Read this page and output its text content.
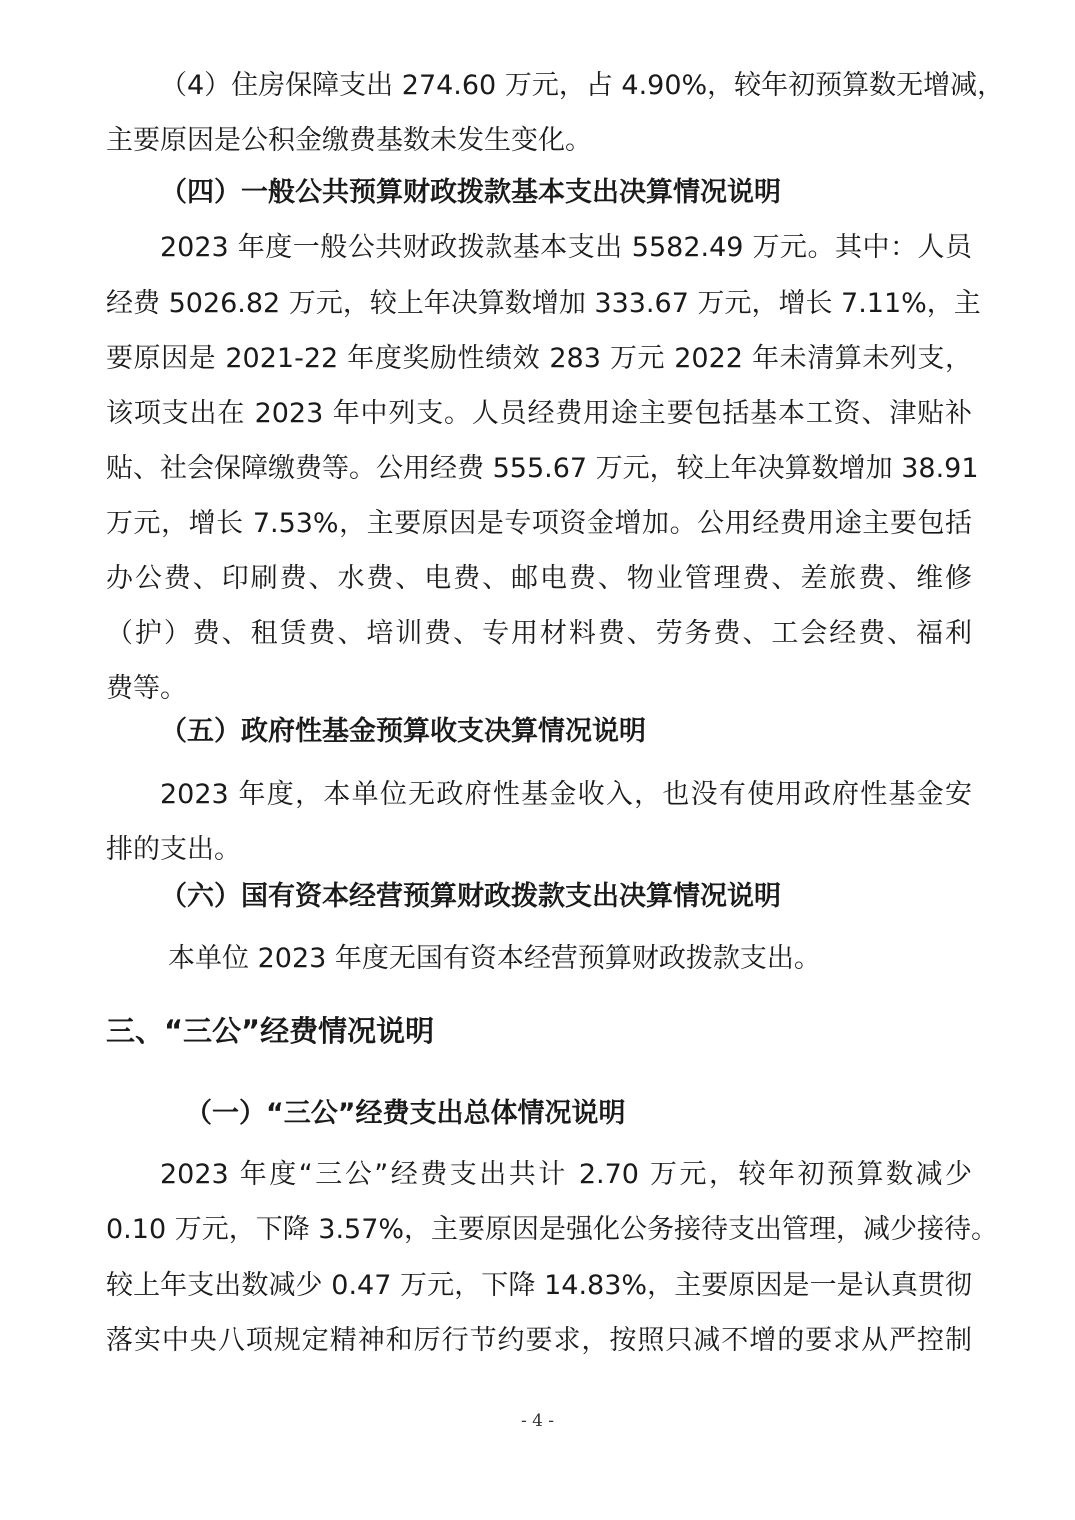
（4）住房保障支出 274.60 万元，占 4.90%，较年初预算数无增减，
主要原因是公积金缴费基数未发生变化。
（四）一般公共预算财政拨款基本支出决算情况说明
2023 年度一般公共财政拨款基本支出 5582.49 万元。其中：人员
经费 5026.82 万元，较上年决算数增加 333.67 万元，增长 7.11%，主
要原因是 2021-22 年度奖励性绩效 283 万元 2022 年未清算未列支，
该项支出在 2023 年中列支。人员经费用途主要包括基本工资、津贴补
贴、社会保障缴费等。公用经费 555.67 万元，较上年决算数增加 38.91
万元，增长 7.53%，主要原因是专项资金增加。公用经费用途主要包括
办公费、印刷费、水费、电费、邮电费、物业管理费、差旅费、维修
（护）费、租赁费、培训费、专用材料费、劳务费、工会经费、福利
费等。
（五）政府性基金预算收支决算情况说明
2023 年度，本单位无政府性基金收入，也没有使用政府性基金安
排的支出。
（六）国有资本经营预算财政拨款支出决算情况说明
本单位 2023 年度无国有资本经营预算财政拨款支出。
三、“三公”经费情况说明
（一）“三公”经费支出总体情况说明
2023 年度“三公”经费支出共计 2.70 万元，较年初预算数减少
0.10 万元，下降 3.57%，主要原因是强化公务接待支出管理，减少接待。
较上年支出数减少 0.47 万元，下降 14.83%，主要原因是一是认真贯彻
落实中央八项规定精神和厉行节约要求，按照只减不增的要求从严控制
- 4 -
